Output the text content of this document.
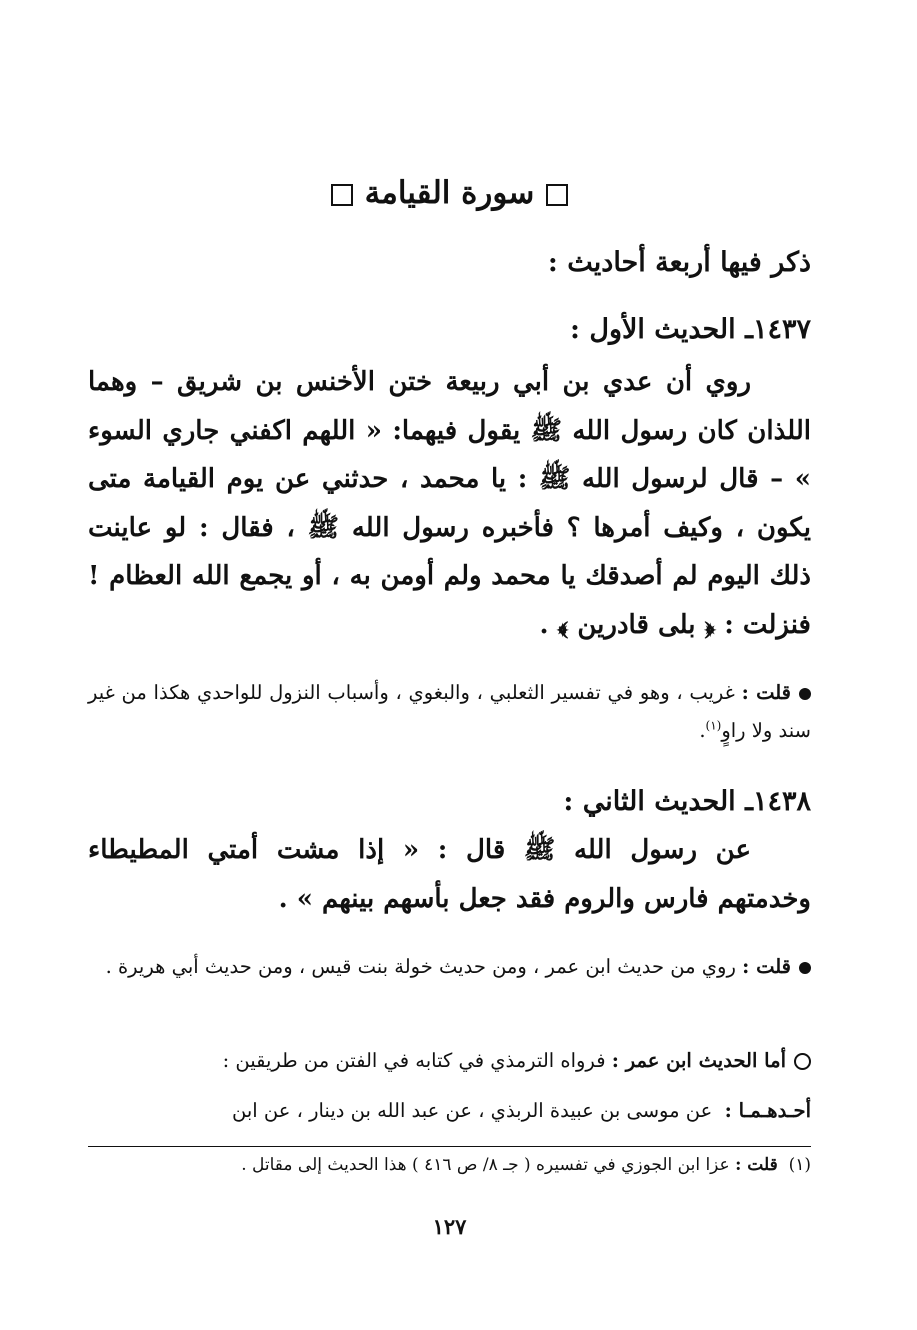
سورة القيامة
ذكر فيها أربعة أحاديث :
١٤٣٧ـ الحديث الأول :
روي أن عدي بن أبي ربيعة ختن الأخنس بن شريق – وهما اللذان كان رسول الله ﷺ يقول فيهما: « اللهم اكفني جاري السوء » – قال لرسول الله ﷺ : يا محمد ، حدثني عن يوم القيامة متى يكون ، وكيف أمرها ؟ فأخبره رسول الله ﷺ ، فقال : لو عاينت ذلك اليوم لم أصدقك يا محمد ولم أومن به ، أو يجمع الله العظام ! فنزلت : ﴿ بلى قادرين ﴾ .
قلت : غريب ، وهو في تفسير الثعلبي ، والبغوي ، وأسباب النزول للواحدي هكذا من غير سند ولا راوٍ$^{(١)}$.
١٤٣٨ـ الحديث الثاني :
عن رسول الله ﷺ قال : « إذا مشت أمتي المطيطاء وخدمتهم فارس والروم فقد جعل بأسهم بينهم » .
قلت : روي من حديث ابن عمر ، ومن حديث خولة بنت قيس ، ومن حديث أبي هريرة .
أما الحديث ابن عمر : فرواه الترمذي في كتابه في الفتن من طريقين :
أحـدهـمـا :  عن موسى بن عبيدة الربذي ، عن عبد الله بن دينار ، عن ابن
(١)  قلت : عزا ابن الجوزي في تفسيره ( جـ ٨/ ص ٤١٦ ) هذا الحديث إلى مقاتل .
١٢٧
